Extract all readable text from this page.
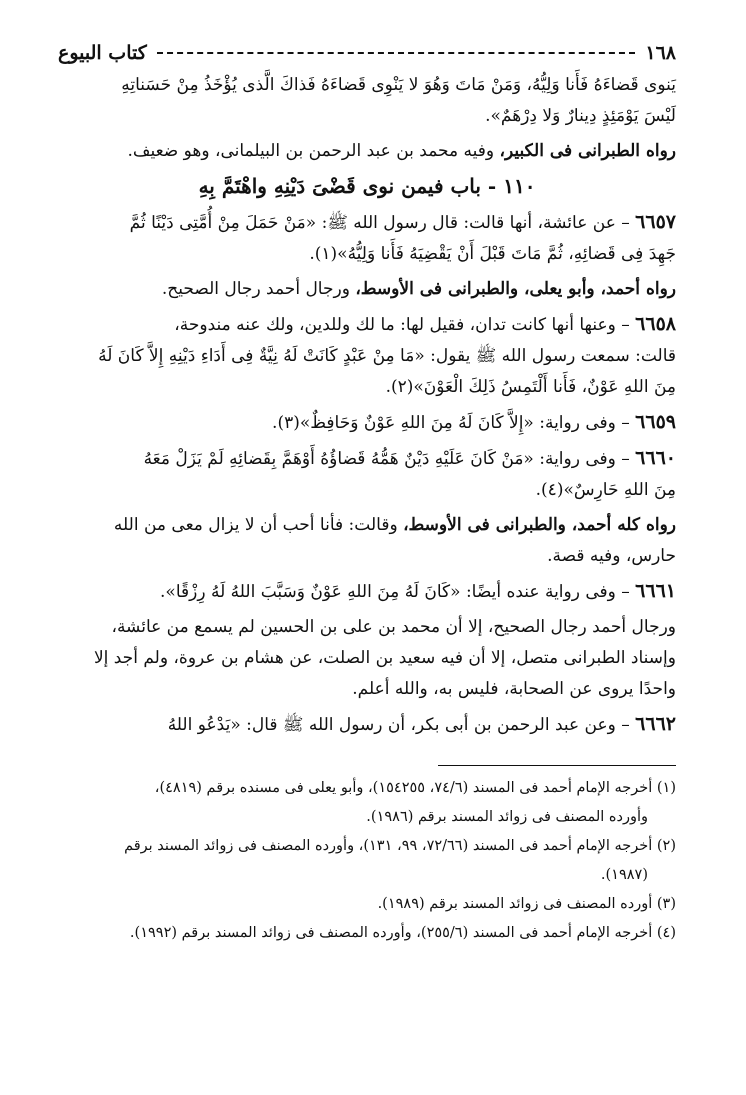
١٦٨
كتاب البيوع

يَنوى قَضاءَهُ فَأَنا وَلِيُّهُ، وَمَنْ مَاتَ وَهُوَ لا يَنْوِى قَضاءَهُ فَذاكَ الَّذى يُؤْخَذُ مِنْ حَسَناتِهِ

لَيْسَ يَوْمَئِذٍ دِينارٌ وَلا دِرْهَمٌ».

رواه الطبرانى فى الكبير، وفيه محمد بن عبد الرحمن بن البيلمانى، وهو ضعيف.

١١٠ - باب فيمن نوى قَضْىَ دَيْنِهِ واهْتَمَّ بِهِ

٦٦٥٧ – عن عائشة، أنها قالت: قال رسول الله ﷺ: «مَنْ حَمَلَ مِنْ أُمَّتِى دَيْنًا ثُمَّ

جَهِدَ فِى قَضائِهِ، ثُمَّ مَاتَ قَبْلَ أَنْ يَقْضِيَهُ فَأَنا وَلِيُّهُ»(١).

رواه أحمد، وأبو يعلى، والطبرانى فى الأوسط، ورجال أحمد رجال الصحيح.

٦٦٥٨ – وعنها أنها كانت تدان، فقيل لها: ما لك وللدين، ولك عنه مندوحة،

قالت: سمعت رسول الله ﷺ يقول: «مَا مِنْ عَبْدٍ كَانَتْ لَهُ نِيَّةٌ فِى أَدَاءِ دَيْنِهِ إِلاَّ كَانَ لَهُ

مِنَ اللهِ عَوْنٌ، فَأَنا أَلْتَمِسُ ذَلِكَ الْعَوْنَ»(٢).

٦٦٥٩ – وفى رواية: «إِلاَّ كَانَ لَهُ مِنَ اللهِ عَوْنٌ وَحَافِظٌ»(٣).

٦٦٦٠ – وفى رواية: «مَنْ كَانَ عَلَيْهِ دَيْنٌ هَمُّهُ قَضاؤُهُ أَوْهَمَّ بِقَضائِهِ لَمْ يَزَلْ مَعَهُ

مِنَ اللهِ حَارِسٌ»(٤).

رواه كله أحمد، والطبرانى فى الأوسط، وقالت: فأنا أحب أن لا يزال معى من الله

حارس، وفيه قصة.

٦٦٦١ – وفى رواية عنده أيضًا: «كَانَ لَهُ مِنَ اللهِ عَوْنٌ وَسَبَّبَ اللهُ لَهُ رِزْقًا».

ورجال أحمد رجال الصحيح، إلا أن محمد بن على بن الحسين لم يسمع من عائشة،

وإسناد الطبرانى متصل، إلا أن فيه سعيد بن الصلت، عن هشام بن عروة، ولم أجد إلا

واحدًا يروى عن الصحابة، فليس به، والله أعلم.

٦٦٦٢ – وعن عبد الرحمن بن أبى بكر، أن رسول الله ﷺ قال: «يَدْعُو اللهُ

(١) أخرجه الإمام أحمد فى المسند (٧٤/٦، ١٥٤٢٥٥)، وأبو يعلى فى مسنده برقم (٤٨١٩)،

وأورده المصنف فى زوائد المسند برقم (١٩٨٦).

(٢) أخرجه الإمام أحمد فى المسند (٧٢/٦٦، ٩٩، ١٣١)، وأورده المصنف فى زوائد المسند برقم

(١٩٨٧).

(٣) أورده المصنف فى زوائد المسند برقم (١٩٨٩).

(٤) أخرجه الإمام أحمد فى المسند (٢٥٥/٦)، وأورده المصنف فى زوائد المسند برقم (١٩٩٢).
